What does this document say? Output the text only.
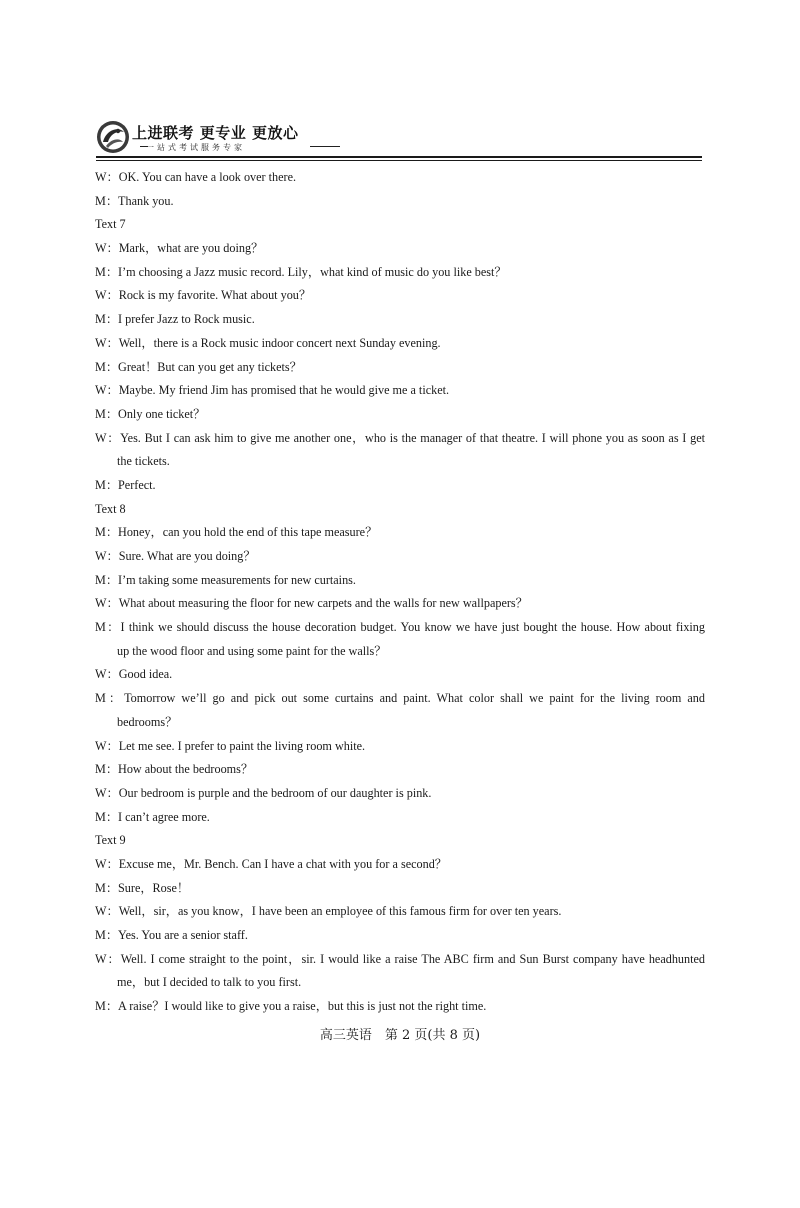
上进联考 更专业 更放心
一站式考试服务专家
W：OK. You can have a look over there.
M：Thank you.
Text 7
W：Mark，what are you doing？
M：I’m choosing a Jazz music record. Lily，what kind of music do you like best？
W：Rock is my favorite. What about you？
M：I prefer Jazz to Rock music.
W：Well，there is a Rock music indoor concert next Sunday evening.
M：Great！But can you get any tickets？
W：Maybe. My friend Jim has promised that he would give me a ticket.
M：Only one ticket？
W：Yes. But I can ask him to give me another one，who is the manager of that theatre. I will phone you as soon as I get
the tickets.
M：Perfect.
Text 8
M：Honey，can you hold the end of this tape measure？
W：Sure. What are you doing？
M：I’m taking some measurements for new curtains.
W：What about measuring the floor for new carpets and the walls for new wallpapers？
M：I think we should discuss the house decoration budget. You know we have just bought the house. How about fixing
up the wood floor and using some paint for the walls？
W：Good idea.
M：Tomorrow we’ll go and pick out some curtains and paint. What color shall we paint for the living room and
bedrooms？
W：Let me see. I prefer to paint the living room white.
M：How about the bedrooms？
W：Our bedroom is purple and the bedroom of our daughter is pink.
M：I can’t agree more.
Text 9
W：Excuse me，Mr. Bench. Can I have a chat with you for a second？
M：Sure，Rose！
W：Well，sir，as you know，I have been an employee of this famous firm for over ten years.
M：Yes. You are a senior staff.
W：Well. I come straight to the point，sir. I would like a raise The ABC firm and Sun Burst company have headhunted
me，but I decided to talk to you first.
M：A raise？I would like to give you a raise，but this is just not the right time.
高三英语　第 2 页(共 8 页)
